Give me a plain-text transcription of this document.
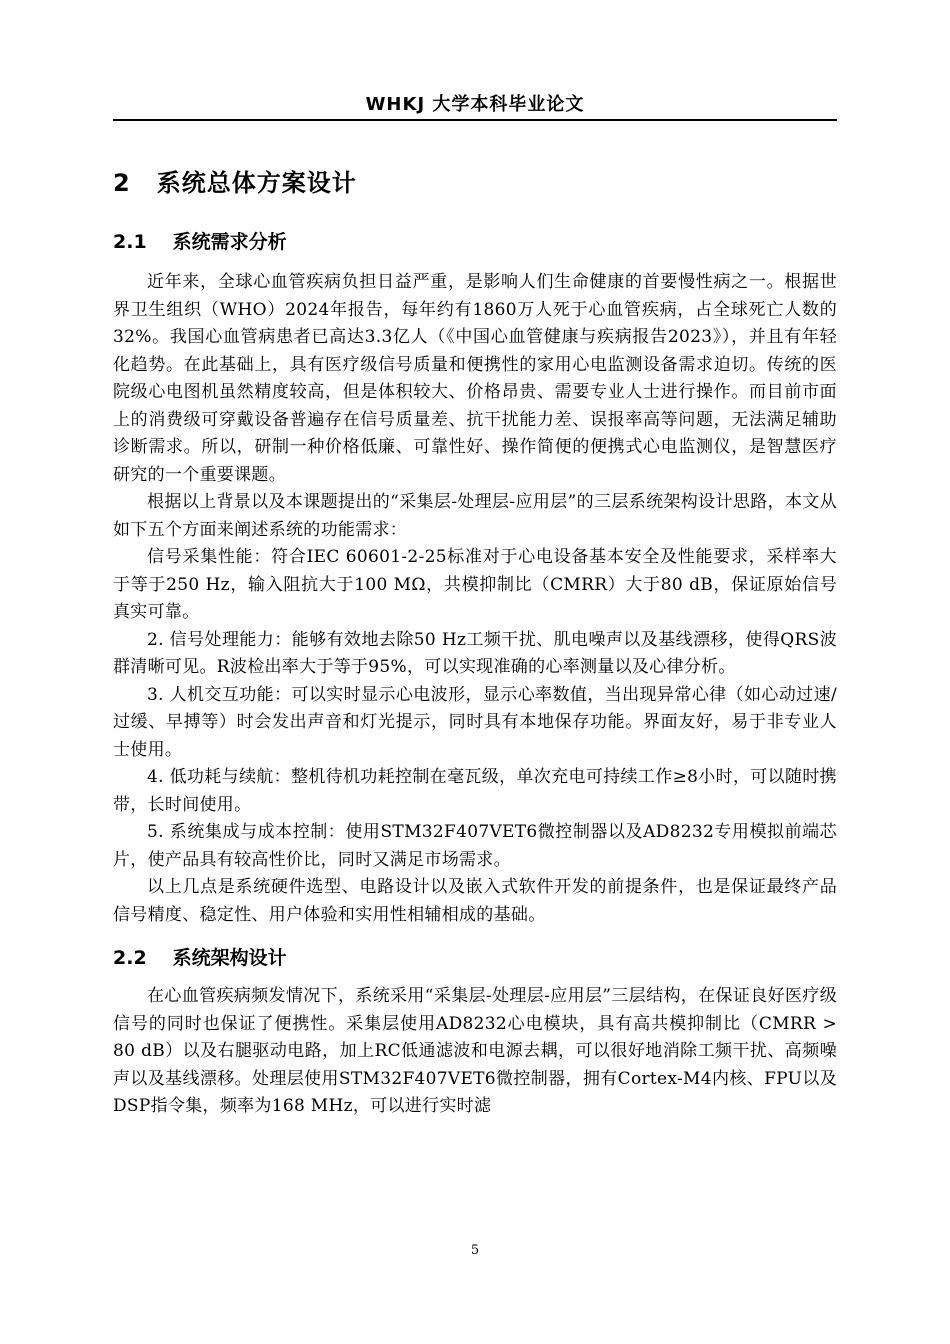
WHKJ 大学本科毕业论文
2 系统总体方案设计
2.1 系统需求分析

近年来，全球心血管疾病负担日益严重，是影响人们生命健康的首要慢性病之一。根据世界卫生组织（WHO）2024年报告，每年约有1860万人死于心血管疾病，占全球死亡人数的32%。我国心血管病患者已高达3.3亿人（《中国心血管健康与疾病报告2023》），并且有年轻化趋势。在此基础上，具有医疗级信号质量和便携性的家用心电监测设备需求迫切。传统的医院级心电图机虽然精度较高，但是体积较大、价格昂贵、需要专业人士进行操作。而目前市面上的消费级可穿戴设备普遍存在信号质量差、抗干扰能力差、误报率高等问题，无法满足辅助诊断需求。所以，研制一种价格低廉、可靠性好、操作简便的便携式心电监测仪，是智慧医疗研究的一个重要课题。

根据以上背景以及本课题提出的“采集层-处理层-应用层”的三层系统架构设计思路，本文从如下五个方面来阐述系统的功能需求：

信号采集性能：符合IEC 60601-2-25标准对于心电设备基本安全及性能要求，采样率大于等于250 Hz，输入阻抗大于100 MΩ，共模抑制比（CMRR）大于80 dB，保证原始信号真实可靠。

2. 信号处理能力：能够有效地去除50 Hz工频干扰、肌电噪声以及基线漂移，使得QRS波群清晰可见。R波检出率大于等于95%，可以实现准确的心率测量以及心律分析。

3. 人机交互功能：可以实时显示心电波形，显示心率数值，当出现异常心律（如心动过速/过缓、早搏等）时会发出声音和灯光提示，同时具有本地保存功能。界面友好，易于非专业人士使用。

4. 低功耗与续航：整机待机功耗控制在毫瓦级，单次充电可持续工作≥8小时，可以随时携带，长时间使用。

5. 系统集成与成本控制：使用STM32F407VET6微控制器以及AD8232专用模拟前端芯片，使产品具有较高性价比，同时又满足市场需求。

以上几点是系统硬件选型、电路设计以及嵌入式软件开发的前提条件，也是保证最终产品信号精度、稳定性、用户体验和实用性相辅相成的基础。

2.2 系统架构设计

在心血管疾病频发情况下，系统采用“采集层-处理层-应用层”三层结构，在保证良好医疗级信号的同时也保证了便携性。采集层使用AD8232心电模块，具有高共模抑制比（CMRR > 80 dB）以及右腿驱动电路，加上RC低通滤波和电源去耦，可以很好地消除工频干扰、高频噪声以及基线漂移。处理层使用STM32F407VET6微控制器，拥有Cortex-M4内核、FPU以及DSP指令集，频率为168 MHz，可以进行实时滤

5
